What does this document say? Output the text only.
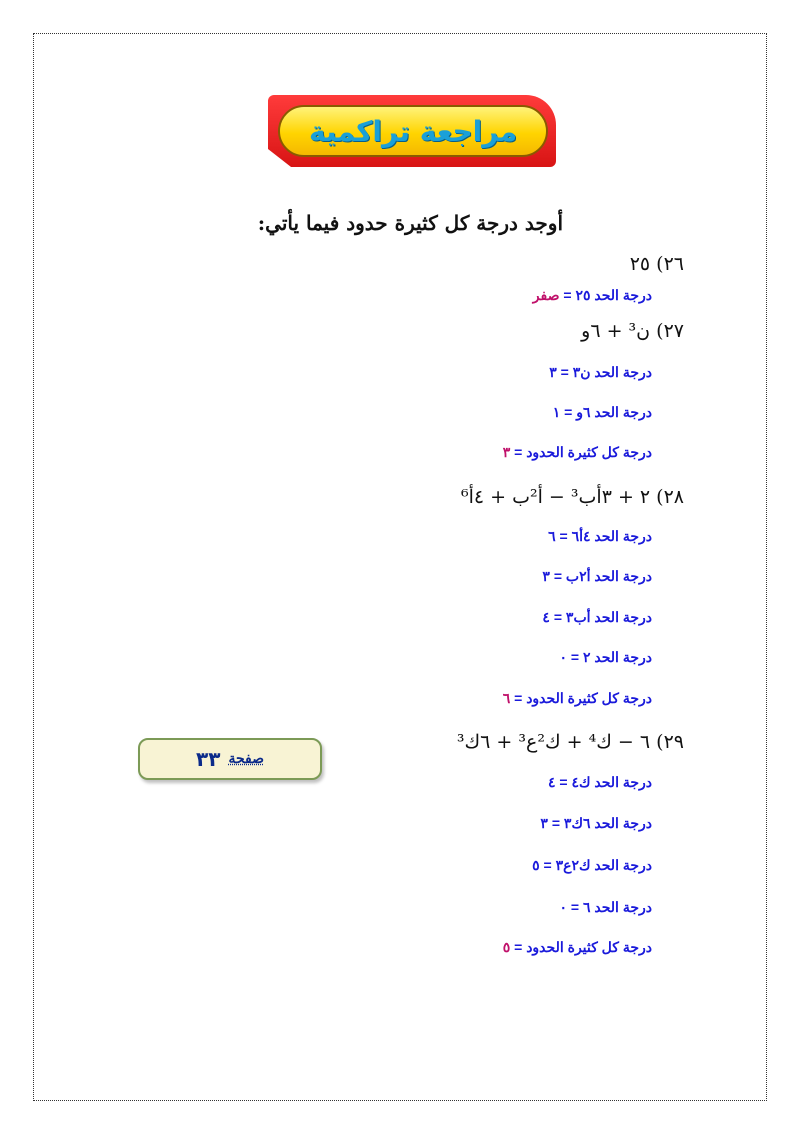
مراجعة تراكمية
أوجد درجة كل كثيرة حدود فيما يأتي:
٢٦) ٢٥
درجة الحد ٢٥ = صفر
٢٧) ن³ + ٦و
درجة الحد ن٣ = ٣
درجة الحد ٦و = ١
درجة كل كثيرة الحدود = ٣
٢٨) ٢ + ٣أب³ − أ²ب + ٤أ⁶
درجة الحد ٤أ٦ = ٦
درجة الحد أ٢ب = ٣
درجة الحد أب٣ = ٤
درجة الحد ٢ = ٠
درجة كل كثيرة الحدود = ٦
٢٩) ٦ − ك⁴ + ك²ع³ + ٦ك³
درجة الحد ك٤ = ٤
درجة الحد ٦ك٣ = ٣
درجة الحد ك٢ع٣ = ٥
درجة الحد ٦ = ٠
درجة كل كثيرة الحدود = ٥
صفحة
٣٣
